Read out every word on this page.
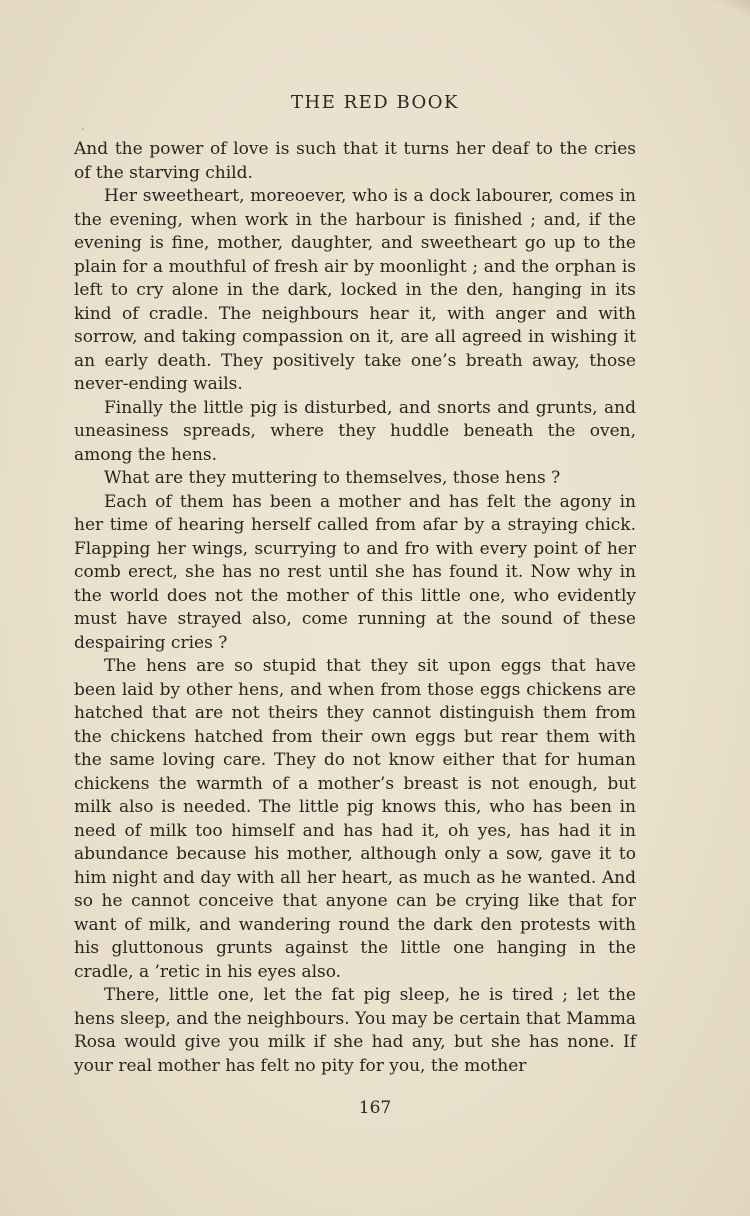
THE RED BOOK

And the power of love is such that it turns her deaf to the cries of the starving child.

Her sweetheart, moreoever, who is a dock labourer, comes in the evening, when work in the harbour is finished ; and, if the evening is fine, mother, daughter, and sweetheart go up to the plain for a mouthful of fresh air by moonlight ; and the orphan is left to cry alone in the dark, locked in the den, hanging in its kind of cradle. The neighbours hear it, with anger and with sorrow, and taking compassion on it, are all agreed in wishing it an early death. They positively take one’s breath away, those never-ending wails.

Finally the little pig is disturbed, and snorts and grunts, and uneasiness spreads, where they huddle beneath the oven, among the hens.

What are they muttering to themselves, those hens ?

Each of them has been a mother and has felt the agony in her time of hearing herself called from afar by a straying chick. Flapping her wings, scurrying to and fro with every point of her comb erect, she has no rest until she has found it. Now why in the world does not the mother of this little one, who evidently must have strayed also, come running at the sound of these despairing cries ?

The hens are so stupid that they sit upon eggs that have been laid by other hens, and when from those eggs chickens are hatched that are not theirs they cannot distinguish them from the chickens hatched from their own eggs but rear them with the same loving care. They do not know either that for human chickens the warmth of a mother’s breast is not enough, but milk also is needed. The little pig knows this, who has been in need of milk too himself and has had it, oh yes, has had it in abundance because his mother, although only a sow, gave it to him night and day with all her heart, as much as he wanted. And so he cannot conceive that anyone can be crying like that for want of milk, and wandering round the dark den protests with his gluttonous grunts against the little one hanging in the cradle, a ’retic in his eyes also.

There, little one, let the fat pig sleep, he is tired ; let the hens sleep, and the neighbours. You may be certain that Mamma Rosa would give you milk if she had any, but she has none. If your real mother has felt no pity for you, the mother

167
